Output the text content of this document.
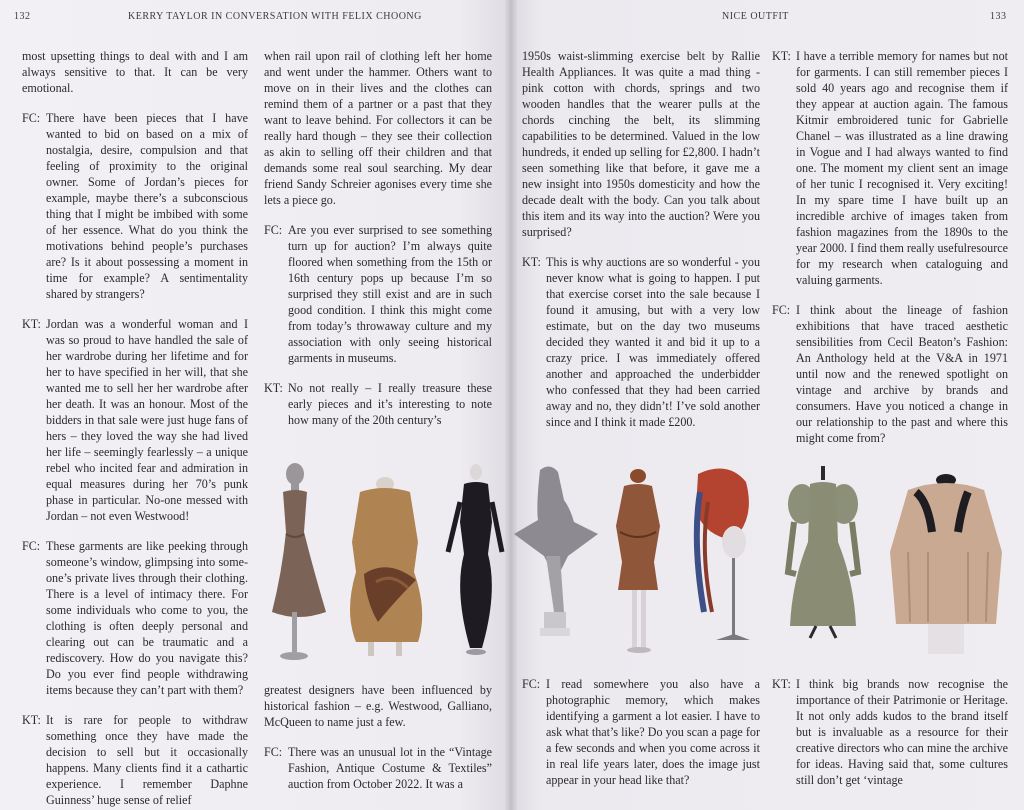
132	KERRY TAYLOR IN CONVERSATION WITH FELIX CHOONG

most upsetting things to deal with and I am always sensitive to that. It can be very emotional.

FC: There have been pieces that I have wanted to bid on based on a mix of nostalgia, desire, compulsion and that feeling of proximity to the original owner. Some of Jordan’s pieces for example, maybe there’s a subconscious thing that I might be imbibed with some of her essence. What do you think the motivations behind people’s purchases are? Is it about possessing a moment in time for example? A sentimentality shared by strangers?

KT: Jordan was a wonderful woman and I was so proud to have handled the sale of her wardrobe during her lifetime and for her to have specified in her will, that she wanted me to sell her her wardrobe after her death. It was an honour. Most of the bidders in that sale were just huge fans of hers – they loved the way she had lived her life – seemingly fearlessly – a unique rebel who incited fear and admiration in equal measures during her 70’s punk phase in particular. No-one messed with Jordan – not even Westwood!

FC: These garments are like peeking through someone’s window, glimpsing into some-one’s private lives through their clothing. There is a level of intimacy there. For some individuals who come to you, the clothing is often deeply personal and clearing out can be traumatic and a rediscovery. How do you navigate this? Do you ever find people withdrawing items because they can’t part with them?

KT: It is rare for people to withdraw something once they have made the decision to sell but it occasionally happens. Many clients find it a cathartic experience. I remember Daphne Guinness’ huge sense of relief

when rail upon rail of clothing left her home and went under the hammer. Others want to move on in their lives and the clothes can remind them of a partner or a past that they want to leave behind. For collectors it can be really hard though – they see their collection as akin to selling off their children and that demands some real soul searching. My dear friend Sandy Schreier agonises every time she lets a piece go.

FC: Are you ever surprised to see something turn up for auction? I’m always quite floored when something from the 15th or 16th century pops up because I’m so surprised they still exist and are in such good condition. I think this might come from today’s throwaway culture and my association with only seeing historical garments in museums.

KT: No not really – I really treasure these early pieces and it’s interesting to note how many of the 20th century’s

greatest designers have been influenced by historical fashion – e.g. Westwood, Galliano, McQueen to name just a few.

FC: There was an unusual lot in the “Vintage Fashion, Antique Costume & Textiles” auction from October 2022. It was a

NICE OUTFIT	133

1950s waist-slimming exercise belt by Rallie Health Appliances. It was quite a mad thing - pink cotton with chords, springs and two wooden handles that the wearer pulls at the chords cinching the belt, its slimming capabilities to be determined. Valued in the low hundreds, it ended up selling for £2,800. I hadn’t seen something like that before, it gave me a new insight into 1950s domesticity and how the decade dealt with the body. Can you talk about this item and its way into the auction? Were you surprised?

KT: This is why auctions are so wonderful - you never know what is going to happen. I put that exercise corset into the sale because I found it amusing, but with a very low estimate, but on the day two museums decided they wanted it and bid it up to a crazy price. I was immediately offered another and approached the underbidder who confessed that they had been carried away and no, they didn’t! I’ve sold another since and I think it made £200.

KT: I have a terrible memory for names but not for garments. I can still remember pieces I sold 40 years ago and recognise them if they appear at auction again. The famous Kitmir embroidered tunic for Gabrielle Chanel – was illustrated as a line drawing in Vogue and I had always wanted to find one. The moment my client sent an image of her tunic I recognised it. Very exciting! In my spare time I have built up an incredible archive of images taken from fashion magazines from the 1890s to the year 2000. I find them really usefulresource for my research when cataloguing and valuing garments.

FC: I think about the lineage of fashion exhibitions that have traced aesthetic sensibilities from Cecil Beaton’s Fashion: An Anthology held at the V&A in 1971 until now and the renewed spotlight on vintage and archive by brands and consumers. Have you noticed a change in our relationship to the past and where this might come from?

FC: I read somewhere you also have a photographic memory, which makes identifying a garment a lot easier. I have to ask what that’s like? Do you scan a page for a few seconds and when you come across it in real life years later, does the image just appear in your head like that?

KT: I think big brands now recognise the importance of their Patrimonie or Heritage. It not only adds kudos to the brand itself but is invaluable as a resource for their creative directors who can mine the archive for ideas. Having said that, some cultures still don’t get ‘vintage
